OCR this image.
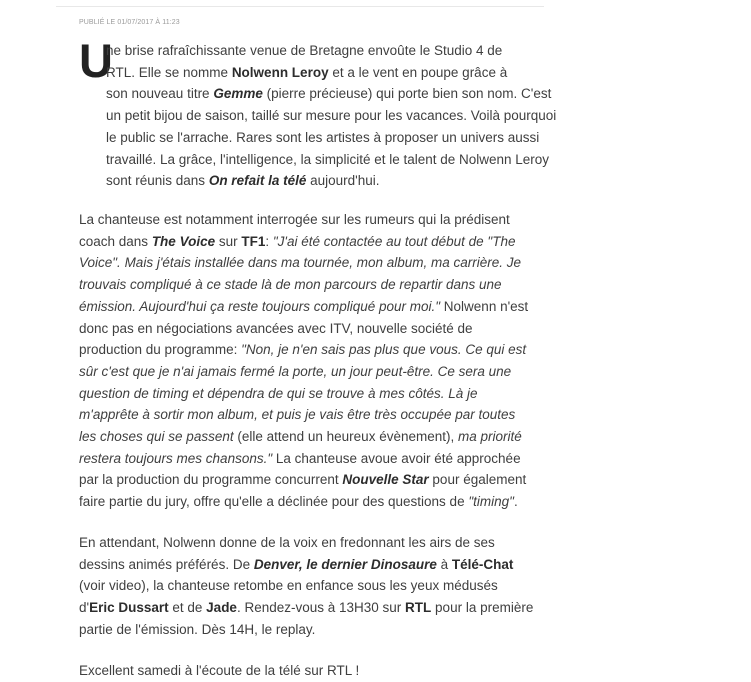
PUBLIÉ LE 01/07/2017 À 11:23

U
ne brise rafraîchissante venue de Bretagne envoûte le Studio 4 de
RTL. Elle se nomme Nolwenn Leroy et a le vent en poupe grâce à
son nouveau titre Gemme (pierre précieuse) qui porte bien son nom. C'est
un petit bijou de saison, taillé sur mesure pour les vacances. Voilà pourquoi
le public se l'arrache. Rares sont les artistes à proposer un univers aussi
travaillé. La grâce, l'intelligence, la simplicité et le talent de Nolwenn Leroy
sont réunis dans On refait la télé aujourd'hui.

La chanteuse est notamment interrogée sur les rumeurs qui la prédisent
coach dans The Voice sur TF1: "J'ai été contactée au tout début de "The
Voice". Mais j'étais installée dans ma tournée, mon album, ma carrière. Je
trouvais compliqué à ce stade là de mon parcours de repartir dans une
émission. Aujourd'hui ça reste toujours compliqué pour moi." Nolwenn n'est
donc pas en négociations avancées avec ITV, nouvelle société de
production du programme: "Non, je n'en sais pas plus que vous. Ce qui est
sûr c'est que je n'ai jamais fermé la porte, un jour peut-être. Ce sera une
question de timing et dépendra de qui se trouve à mes côtés. Là je
m'apprête à sortir mon album, et puis je vais être très occupée par toutes
les choses qui se passent (elle attend un heureux évènement), ma priorité
restera toujours mes chansons." La chanteuse avoue avoir été approchée
par la production du programme concurrent Nouvelle Star pour également
faire partie du jury, offre qu'elle a déclinée pour des questions de "timing".

En attendant, Nolwenn donne de la voix en fredonnant les airs de ses
dessins animés préférés. De Denver, le dernier Dinosaure à Télé-Chat
(voir video), la chanteuse retombe en enfance sous les yeux médusés
d'Eric Dussart et de Jade. Rendez-vous à 13H30 sur RTL pour la première
partie de l'émission. Dès 14H, le replay.

Excellent samedi à l'écoute de la télé sur RTL !
